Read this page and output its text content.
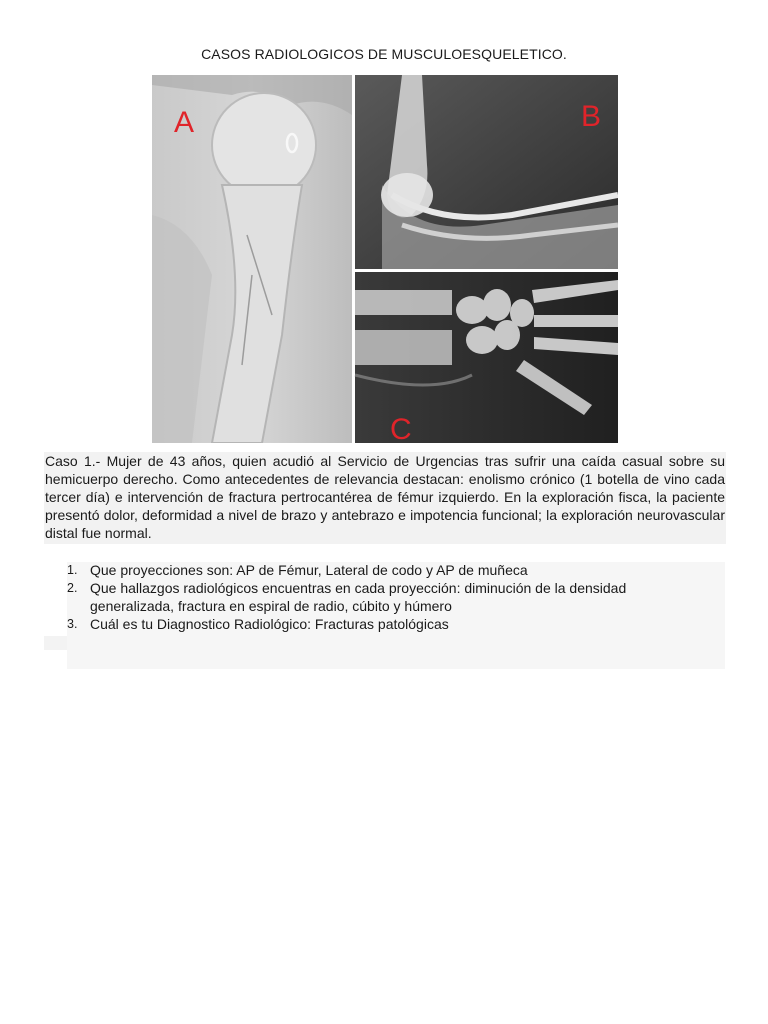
CASOS RADIOLOGICOS DE MUSCULOESQUELETICO.
A	B
C
Caso 1.- Mujer de 43 años, quien acudió al Servicio de Urgencias tras sufrir una caída casual sobre su hemicuerpo derecho. Como antecedentes de relevancia destacan: enolismo crónico (1 botella de vino cada tercer día) e intervención de fractura pertrocantérea de fémur izquierdo. En la exploración fisca, la paciente presentó dolor, deformidad a nivel de brazo y antebrazo e impotencia funcional; la exploración neurovascular distal fue normal.
1. Que proyecciones son: AP de Fémur, Lateral de codo y AP de muñeca
2. Que hallazgos radiológicos encuentras en cada proyección: diminución de la densidad generalizada, fractura en espiral de radio, cúbito y húmero
3. Cuál es tu Diagnostico Radiológico: Fracturas patológicas
